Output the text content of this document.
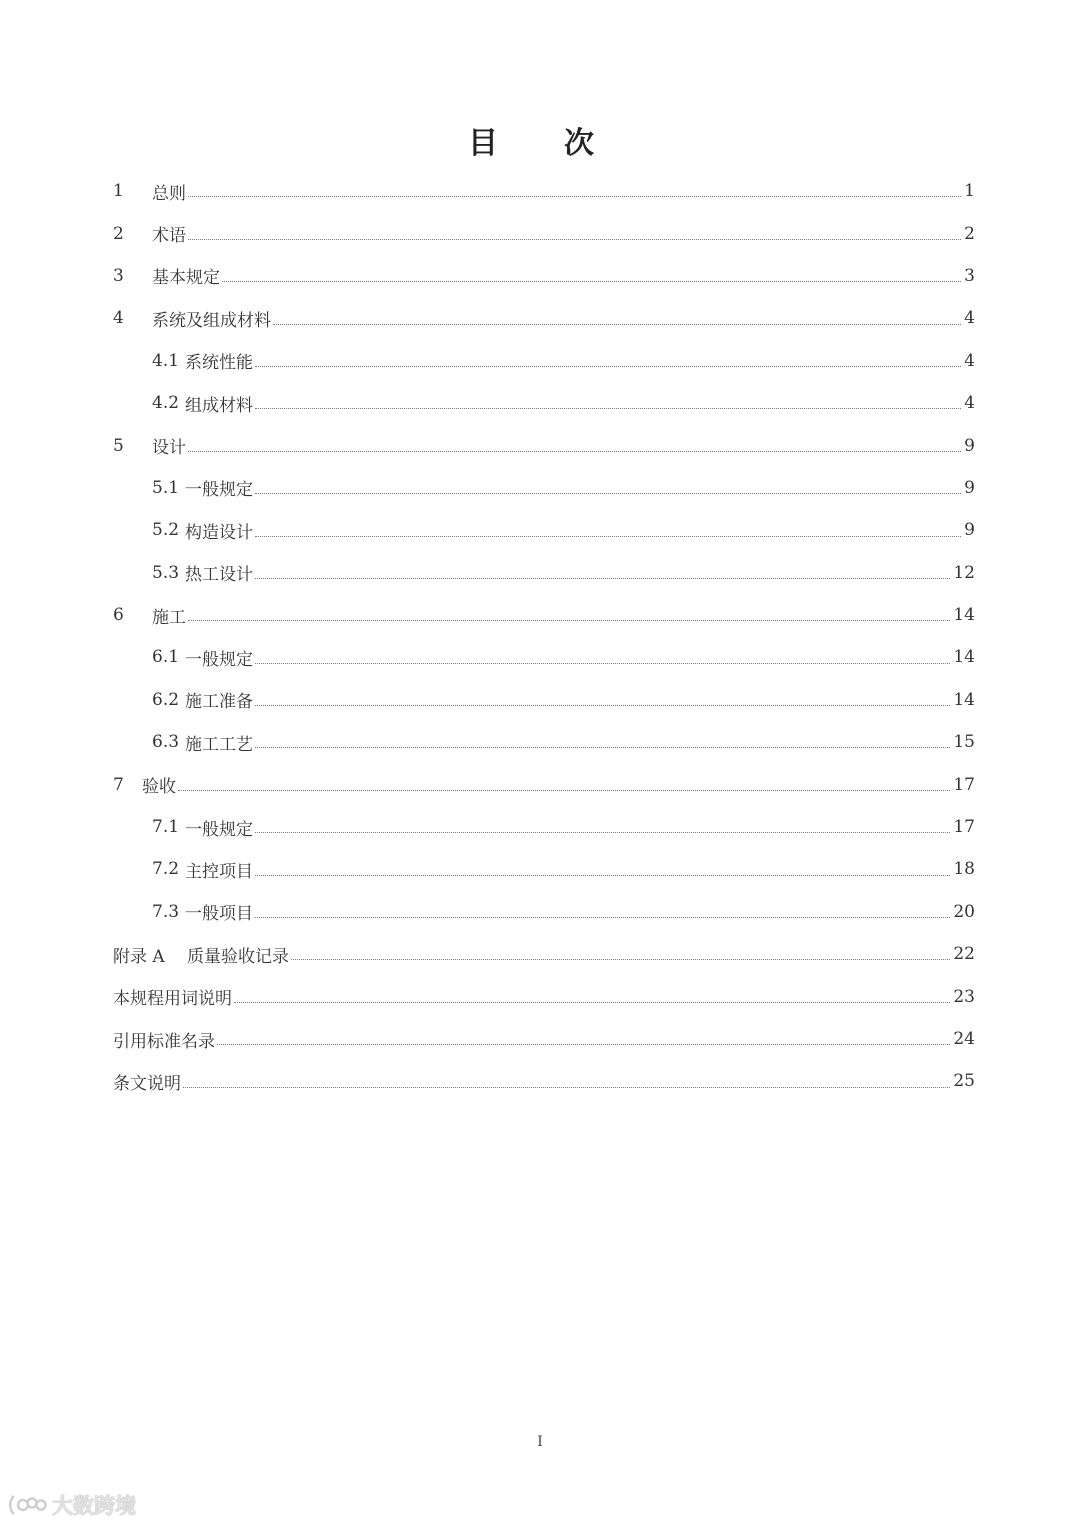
目　次
1	总则	1
2	术语	2
3	基本规定	3
4	系统及组成材料	4
4.1 系统性能	4
4.2 组成材料	4
5	设计	9
5.1 一般规定	9
5.2 构造设计	9
5.3 热工设计	12
6	施工	14
6.1 一般规定	14
6.2 施工准备	14
6.3 施工工艺	15
7	验收	17
7.1 一般规定	17
7.2 主控项目	18
7.3 一般项目	20
附录 A	质量验收记录	22
本规程用词说明	23
引用标准名录	24
条文说明	25
I
大数跨境
